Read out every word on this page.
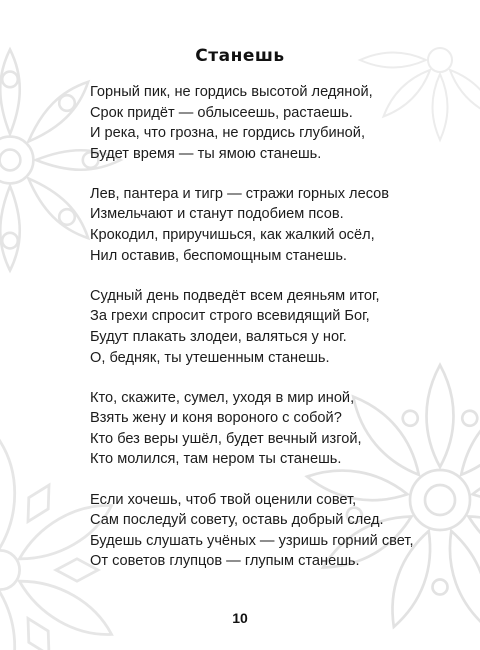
Станешь
Горный пик, не гордись высотой ледяной,
Срок придёт — облысеешь, растаешь.
И река, что грозна, не гордись глубиной,
Будет время — ты ямою станешь.
Лев, пантера и тигр — стражи горных лесов
Измельчают и станут подобием псов.
Крокодил, приручишься, как жалкий осёл,
Нил оставив, беспомощным станешь.
Судный день подведёт всем деяньям итог,
За грехи спросит строго всевидящий Бог,
Будут плакать злодеи, валяться у ног.
О, бедняк, ты утешенным станешь.
Кто, скажите, сумел, уходя в мир иной,
Взять жену и коня вороного с собой?
Кто без веры ушёл, будет вечный изгой,
Кто молился, там нером ты станешь.
Если хочешь, чтоб твой оценили совет,
Сам последуй совету, оставь добрый след.
Будешь слушать учёных — узришь горний свет,
От советов глупцов — глупым станешь.
10
